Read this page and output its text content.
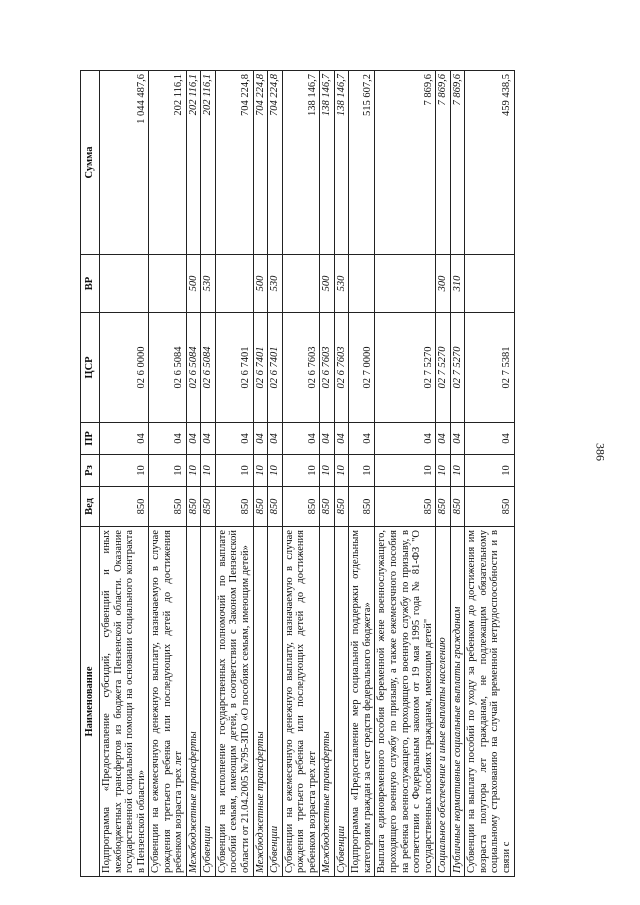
386
Наименование	Вед	Рз	ПР	ЦСР	ВР	Сумма
Подпрограмма «Предоставление субсидий, субвенций и иных межбюджетных трансфертов из бюджета Пензенской области. Оказание государственной социальной помощи на основании социального контракта в Пензенской области»	850	10	04	02 6 0000		1 044 487,6
Субвенции на ежемесячную денежную выплату, назначаемую в случае рождения третьего ребенка или последующих детей до достижения ребенком возраста трех лет	850	10	04	02 6 5084		202 116,1
Межбюджетные трансферты	850	10	04	02 6 5084	500	202 116,1
Субвенции	850	10	04	02 6 5084	530	202 116,1
Субвенции на исполнение государственных полномочий по выплате пособий семьям, имеющим детей, в соответствии с Законом Пензенской области от 21.04.2005 №795-ЗПО «О пособиях семьям, имеющим детей»	850	10	04	02 6 7401		704 224,8
Межбюджетные трансферты	850	10	04	02 6 7401	500	704 224,8
Субвенции	850	10	04	02 6 7401	530	704 224,8
Субвенции на ежемесячную денежную выплату, назначаемую в случае рождения третьего ребенка или последующих детей до достижения ребенком возраста трех лет	850	10	04	02 6 7603		138 146,7
Межбюджетные трансферты	850	10	04	02 6 7603	500	138 146,7
Субвенции	850	10	04	02 6 7603	530	138 146,7
Подпрограмма «Предоставление мер социальной поддержки отдельным категориям граждан за счет средств федерального бюджета»	850	10	04	02 7 0000		515 607,2
Выплата единовременного пособия беременной жене военнослужащего, проходящего военную службу по призыву, а также ежемесячного пособия на ребенка военнослужащего, проходящего военную службу по призыву, в соответствии с Федеральным законом от 19 мая 1995 года № 81-ФЗ "О государственных пособиях гражданам, имеющим детей"	850	10	04	02 7 5270		7 869,6
Социальное обеспечение и иные выплаты населению	850	10	04	02 7 5270	300	7 869,6
Публичные нормативные социальные выплаты гражданам	850	10	04	02 7 5270	310	7 869,6
Субвенции на выплату пособий по уходу за ребенком до достижения им возраста полутора лет гражданам, не подлежащим обязательному социальному страхованию на случай временной нетрудоспособности и в связи с	850	10	04	02 7 5381		459 438,5
